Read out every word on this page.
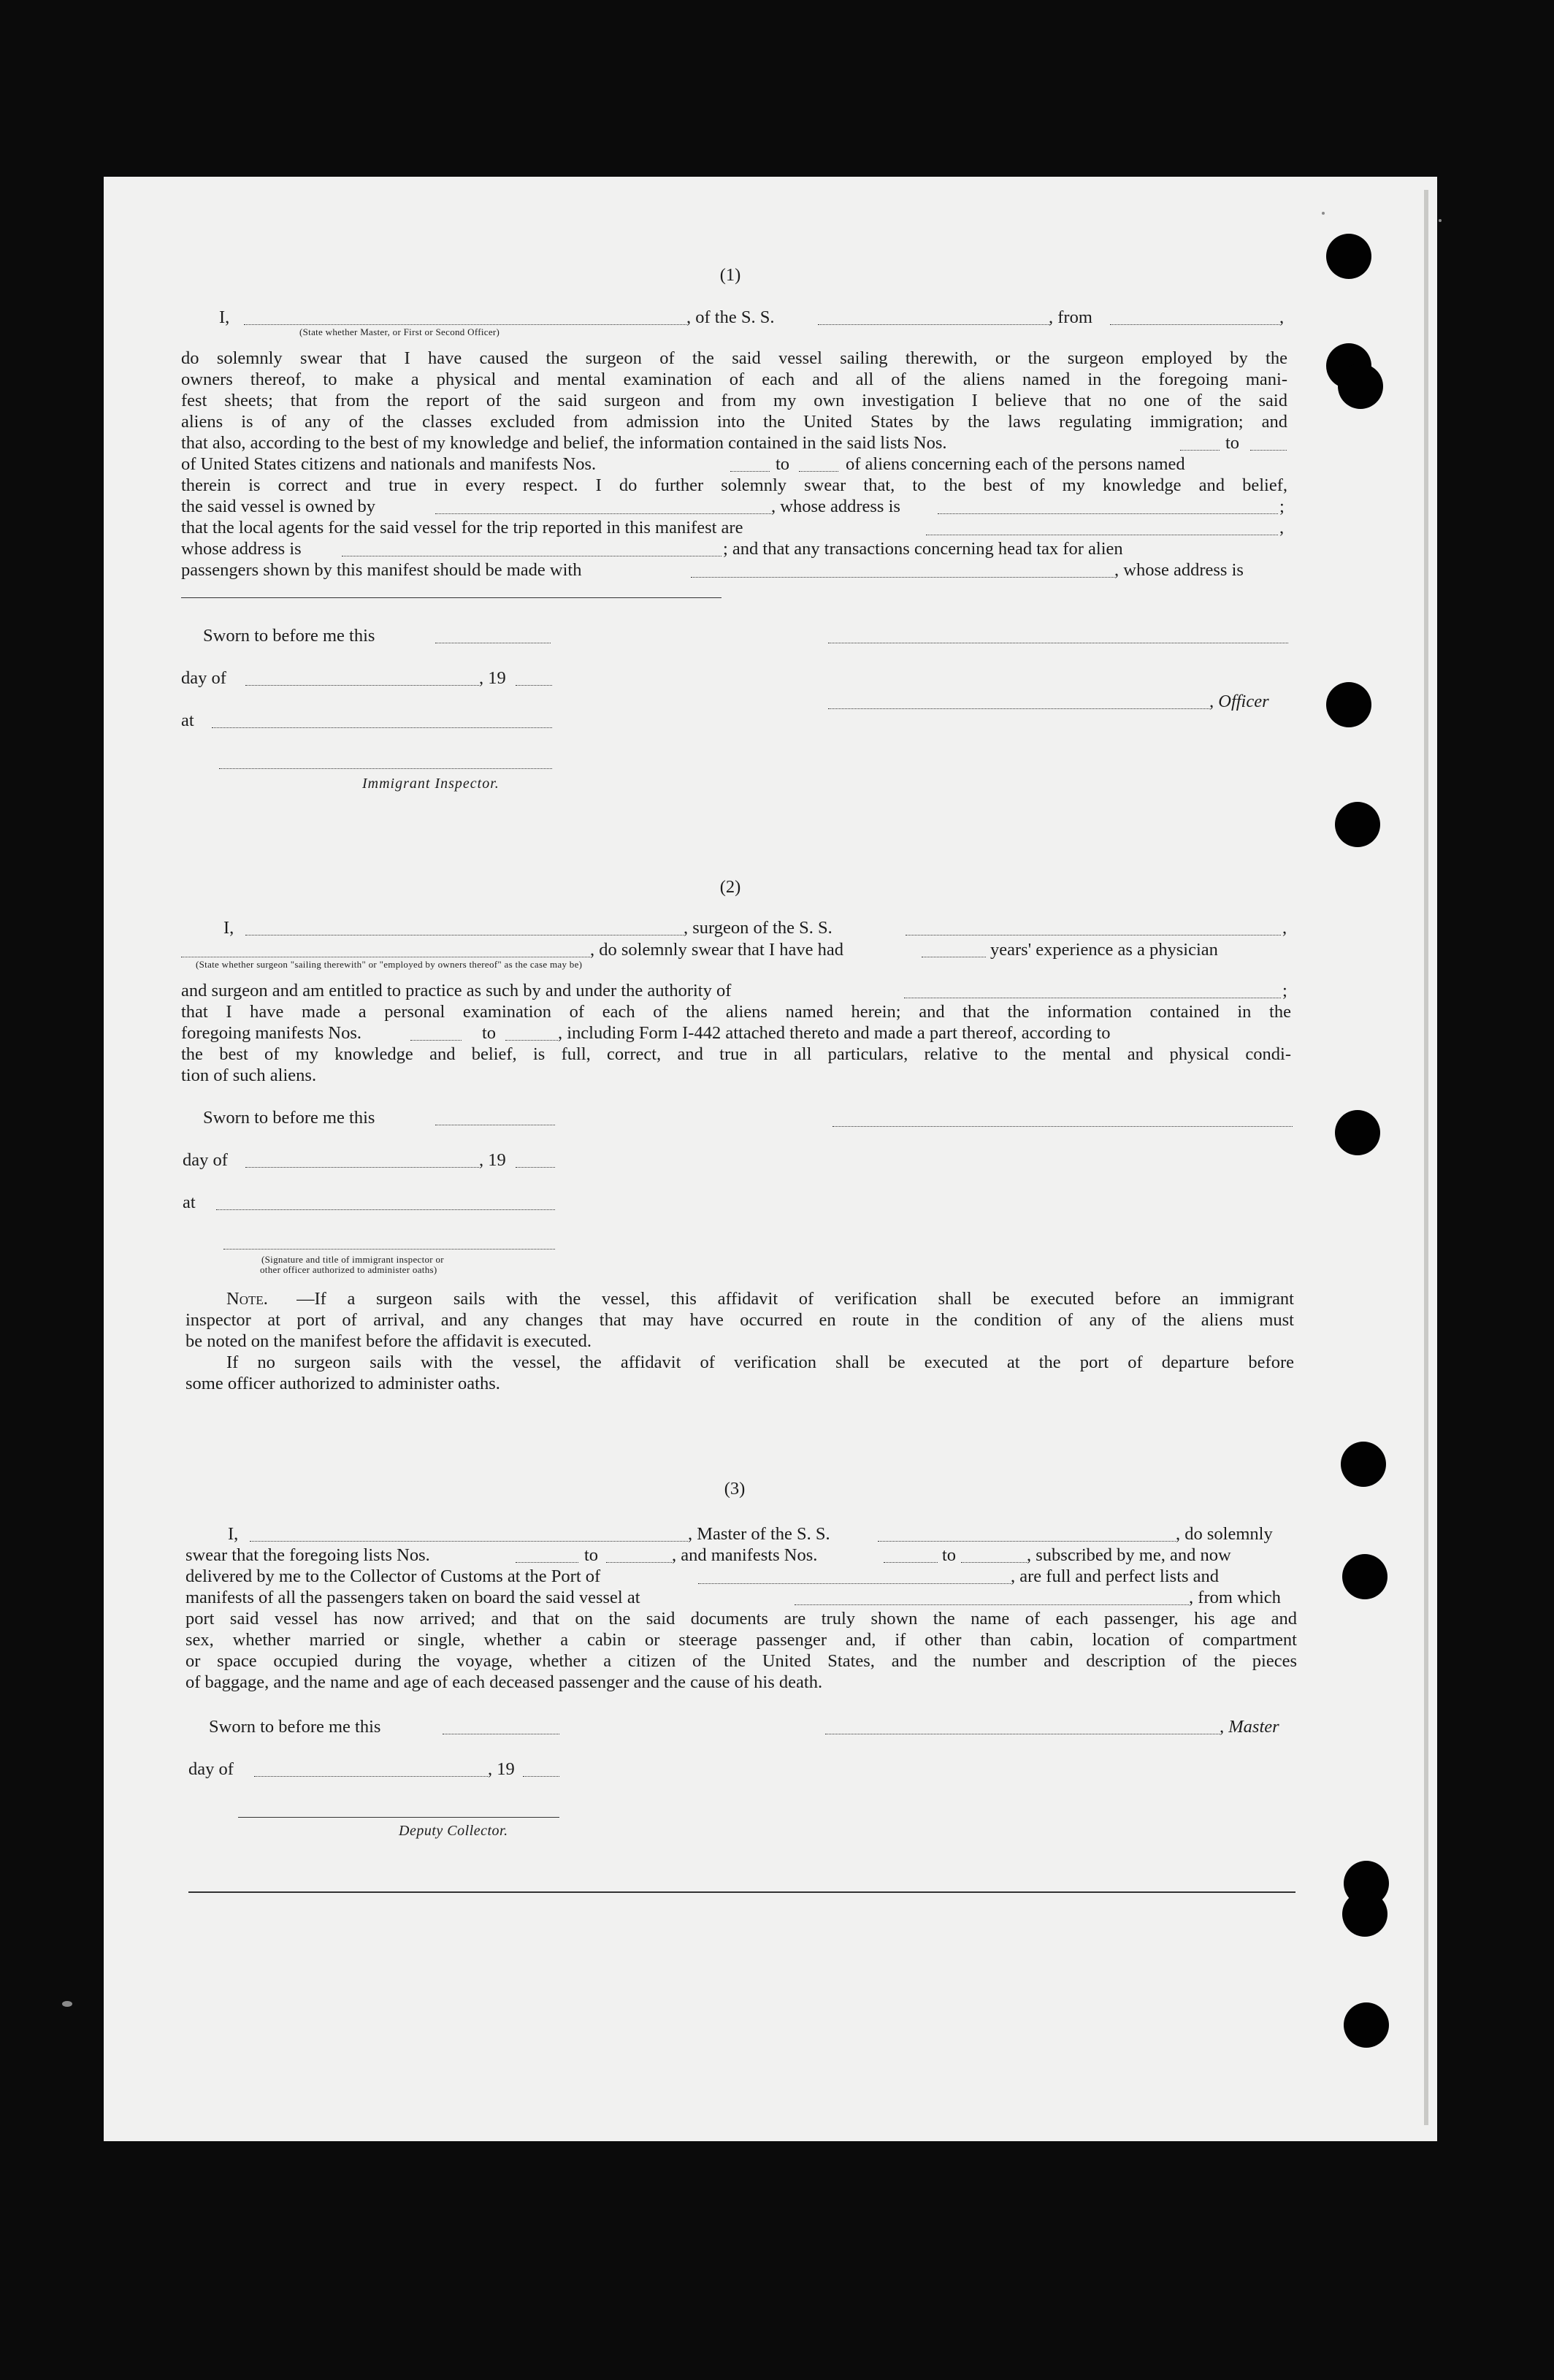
(1)
I,	, of the S. S.	, from	,
(State whether Master, or First or Second Officer)
do solemnly swear that I have caused the surgeon of the said vessel sailing therewith, or the surgeon employed by the
owners thereof, to make a physical and mental examination of each and all of the aliens named in the foregoing mani-
fest sheets; that from the report of the said surgeon and from my own investigation I believe that no one of the said
aliens is of any of the classes excluded from admission into the United States by the laws regulating immigration; and
that also, according to the best of my knowledge and belief, the information contained in the said lists Nos.	to
of United States citizens and nationals and manifests Nos.	to	of aliens concerning each of the persons named
therein is correct and true in every respect. I do further solemnly swear that, to the best of my knowledge and belief,
the said vessel is owned by	, whose address is	;
that the local agents for the said vessel for the trip reported in this manifest are	,
whose address is	; and that any transactions concerning head tax for alien
passengers shown by this manifest should be made with	, whose address is
Sworn to before me this
day of	, 19
, Officer
at
Immigrant Inspector.
(2)
I,	, surgeon of the S. S.	,
, do solemnly swear that I have had	years' experience as a physician
(State whether surgeon "sailing therewith" or "employed by owners thereof" as the case may be)
and surgeon and am entitled to practice as such by and under the authority of	;
that I have made a personal examination of each of the aliens named herein; and that the information contained in the
foregoing manifests Nos.	to	, including Form I-442 attached thereto and made a part thereof, according to
the best of my knowledge and belief, is full, correct, and true in all particulars, relative to the mental and physical condi-
tion of such aliens.
Sworn to before me this
day of	, 19
at
(Signature and title of immigrant inspector or
other officer authorized to administer oaths)
Note. —If a surgeon sails with the vessel, this affidavit of verification shall be executed before an immigrant
inspector at port of arrival, and any changes that may have occurred en route in the condition of any of the aliens must
be noted on the manifest before the affidavit is executed.
If no surgeon sails with the vessel, the affidavit of verification shall be executed at the port of departure before
some officer authorized to administer oaths.
(3)
I,	, Master of the S. S.	, do solemnly
swear that the foregoing lists Nos.	to	, and manifests Nos.	to	, subscribed by me, and now
delivered by me to the Collector of Customs at the Port of	, are full and perfect lists and
manifests of all the passengers taken on board the said vessel at	, from which
port said vessel has now arrived; and that on the said documents are truly shown the name of each passenger, his age and
sex, whether married or single, whether a cabin or steerage passenger and, if other than cabin, location of compartment
or space occupied during the voyage, whether a citizen of the United States, and the number and description of the pieces
of baggage, and the name and age of each deceased passenger and the cause of his death.
Sworn to before me this	, Master
day of	, 19
Deputy Collector.
